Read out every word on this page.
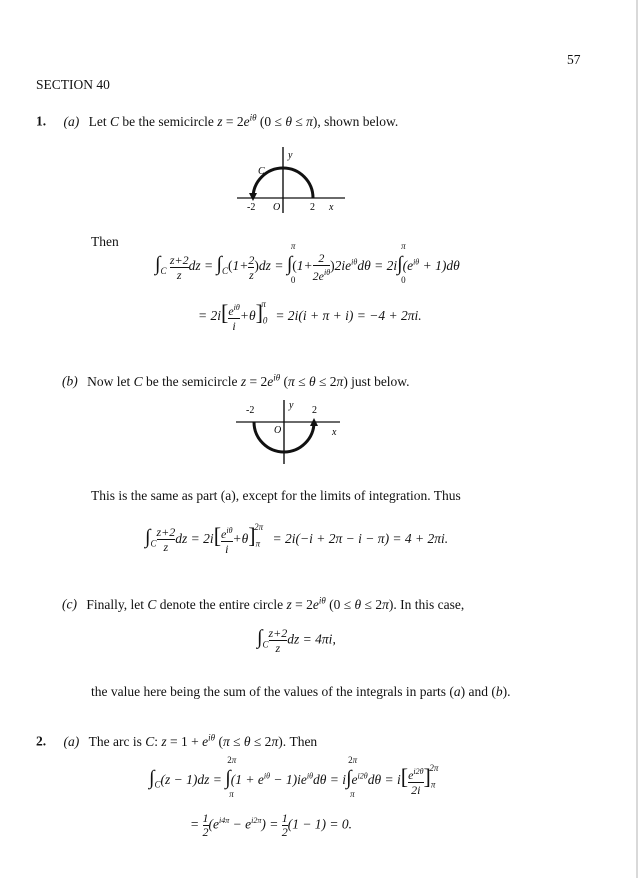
57
SECTION 40
1. (a) Let C be the semicircle $z = 2e^{i\theta}$ (0 ≤ θ ≤ π), shown below.
y
C
-2 O	2 x
Then
$\int_C \frac{z+2}{z}$ dz = $\int_C(1+ \frac{2}{z} )dz$ = ∫
π
0
(1+
2
$2e^{i\theta}$ )$2ie^{i\theta}d\theta = 2i\int$
π
0
$(e^{i\theta} + 1)d\theta$
= 2i[ $e^{i\theta}$
i
$+\theta]_0^\pi = 2i(i + \pi + i) = -4 + 2\pi i$.
(b) Now let C be the semicircle $z = 2e^{i\theta}$ (π ≤ θ ≤ 2π) just below.
y
-2	2
O	x
This is the same as part (a), except for the limits of integration. Thus
$\int_C \frac{z+2}{z}$ dz = 2i[ $e^{i\theta}$
i
$+\theta]_\pi^{2\pi} = 2i(-i + 2\pi - i - \pi) = 4 + 2\pi i$.
(c) Finally, let C denote the entire circle $z = 2e^{i\theta}$ (0 ≤ θ ≤ 2π). In this case,
$\int_C \frac{z+2}{z}$ dz = 4πi,
the value here being the sum of the values of the integrals in parts (a) and (b).
2. (a) The arc is C: $z = 1 + e^{i\theta}$ (π ≤ θ ≤ 2π). Then
$\int_C(z - 1)dz$ = ∫
2π
π
$(1 + e^{i\theta} - 1)ie^{i\theta}d\theta = i\int$
2π
π
$e^{i2\theta}d\theta = i[ \frac{e^{i2\theta}}{2i} ]_\pi^{2\pi}$
= $\frac{1}{2} (e^{i4\pi} - e^{i2\pi}) = \frac{1}{2} (1 - 1) = 0$.
